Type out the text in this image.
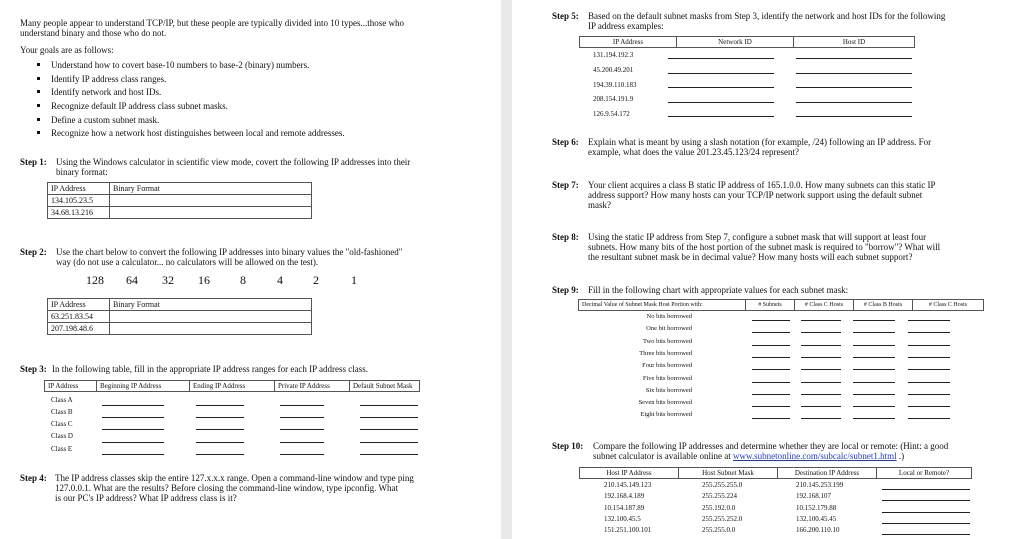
Many people appear to understand TCP/IP, but these people are typically divided into 10 types...those who
understand binary and those who do not.
Your goals are as follows:
Understand how to covert base-10 numbers to base-2 (binary) numbers.
Identify IP address class ranges.
Identify network and host IDs.
Recognize default IP address class subnet masks.
Define a custom subnet mask.
Recognize how a network host distinguishes between local and remote addresses.
Step 1: Using the Windows calculator in scientific view mode, covert the following IP addresses into their
binary format:
IP Address	Binary Format
134.105.23.5	
34.68.13.216	
Step 2: Use the chart below to convert the following IP addresses into binary values the "old-fashioned"
way (do not use a calculator... no calculators will be allowed on the test).
128 64 32 16	8	4	2	1
IP Address	Binary Format
63.251.83.54	
207.198.48.6	
Step 3: In the following table, fill in the appropriate IP address ranges for each IP address class.
IP Address	Beginning IP Address	Ending IP Address	Private IP Address	Default Subnet Mask
Class A
Class B
Class C
Class D
Class E
Step 4: The IP address classes skip the entire 127.x.x.x range. Open a command-line window and type ping
127.0.0.1. What are the results? Before closing the command-line window, type ipconfig. What
is our PC's IP address? What IP address class is it?
Step 5: Based on the default subnet masks from Step 3, identify the network and host IDs for the following
IP address examples:
IP Address	Network ID	Host ID
131.194.192.3
45.200.49.201
194.39.110.183
208.154.191.9
126.9.54.172
Step 6: Explain what is meant by using a slash notation (for example, /24) following an IP address. For
example, what does the value 201.23.45.123/24 represent?
Step 7: Your client acquires a class B static IP address of 165.1.0.0. How many subnets can this static IP
address support? How many hosts can your TCP/IP network support using the default subnet
mask?
Step 8: Using the static IP address from Step 7, configure a subnet mask that will support at least four
subnets. How many bits of the host portion of the subnet mask is required to "borrow"? What will
the resultant subnet mask be in decimal value? How many hosts will each subnet support?
Step 9: Fill in the following chart with appropriate values for each subnet mask:
Decimal Value of Subnet Mask Host Portion with:	# Subnets	# Class C Hosts	# Class B Hosts	# Class C Hosts
No bits borrowed
One bit borrowed
Two bits borrowed
Three bits borrowed
Four bits borrowed
Five bits borrowed
Six bits borrowed
Seven bits borrowed
Eight bits borrowed
Step 10: Compare the following IP addresses and determine whether they are local or remote: (Hint: a good
subnet calculator is available online at www.subnetonline.com/subcalc/subnet1.html .)
Host IP Address	Host Subnet Mask	Destination IP Address	Local or Remote?
210.145.149.123	255.255.255.0	210.145.253.199
192.168.4.189	255.255.224	192.168.107
10.154.187.89	255.192.0.0	10.152.179.88
132.100.45.5	255.255.252.0	132.100.45.45
151.251.100.101	255.255.0.0	166.200.110.10
